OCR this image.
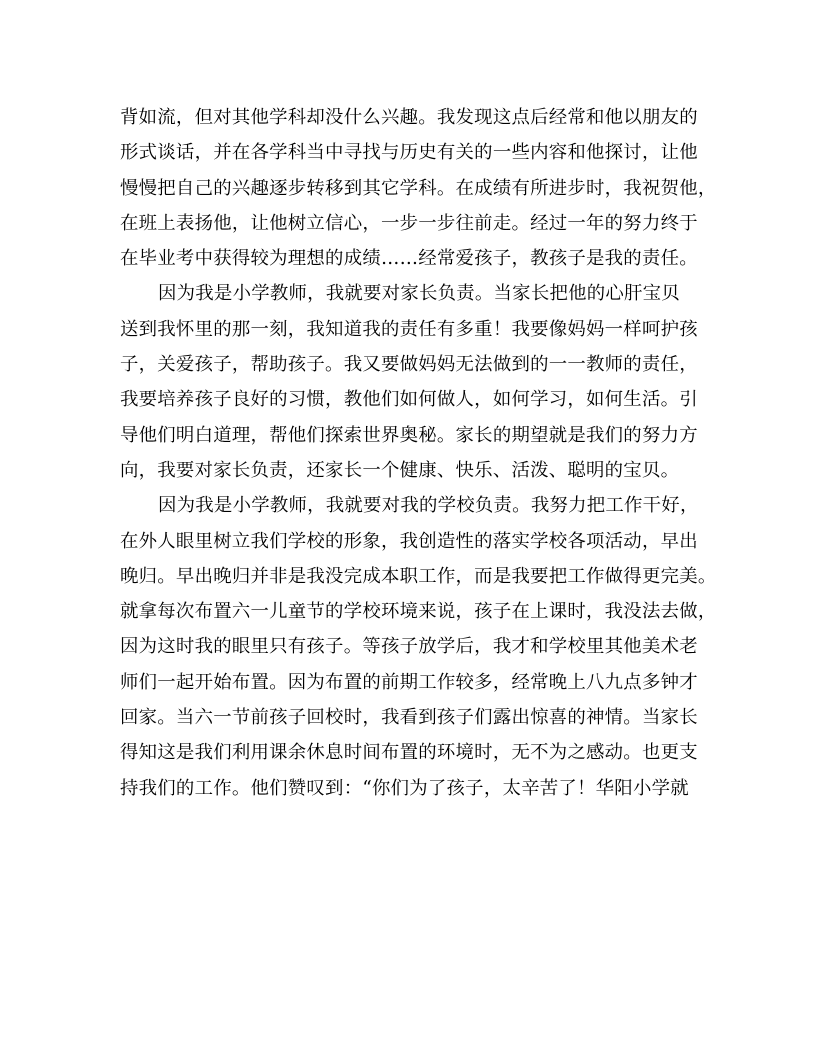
背如流，但对其他学科却没什么兴趣。我发现这点后经常和他以朋友的
形式谈话，并在各学科当中寻找与历史有关的一些内容和他探讨，让他
慢慢把自己的兴趣逐步转移到其它学科。在成绩有所进步时，我祝贺他，
在班上表扬他，让他树立信心，一步一步往前走。经过一年的努力终于
在毕业考中获得较为理想的成绩……经常爱孩子，教孩子是我的责任。
因为我是小学教师，我就要对家长负责。当家长把他的心肝宝贝
送到我怀里的那一刻，我知道我的责任有多重！我要像妈妈一样呵护孩
子，关爱孩子，帮助孩子。我又要做妈妈无法做到的一一教师的责任，
我要培养孩子良好的习惯，教他们如何做人，如何学习，如何生活。引
导他们明白道理，帮他们探索世界奥秘。家长的期望就是我们的努力方
向，我要对家长负责，还家长一个健康、快乐、活泼、聪明的宝贝。
因为我是小学教师，我就要对我的学校负责。我努力把工作干好，
在外人眼里树立我们学校的形象，我创造性的落实学校各项活动，早出
晚归。早出晚归并非是我没完成本职工作，而是我要把工作做得更完美。
就拿每次布置六一儿童节的学校环境来说，孩子在上课时，我没法去做，
因为这时我的眼里只有孩子。等孩子放学后，我才和学校里其他美术老
师们一起开始布置。因为布置的前期工作较多，经常晚上八九点多钟才
回家。当六一节前孩子回校时，我看到孩子们露出惊喜的神情。当家长
得知这是我们利用课余休息时间布置的环境时，无不为之感动。也更支
持我们的工作。他们赞叹到：“你们为了孩子，太辛苦了！华阳小学就
